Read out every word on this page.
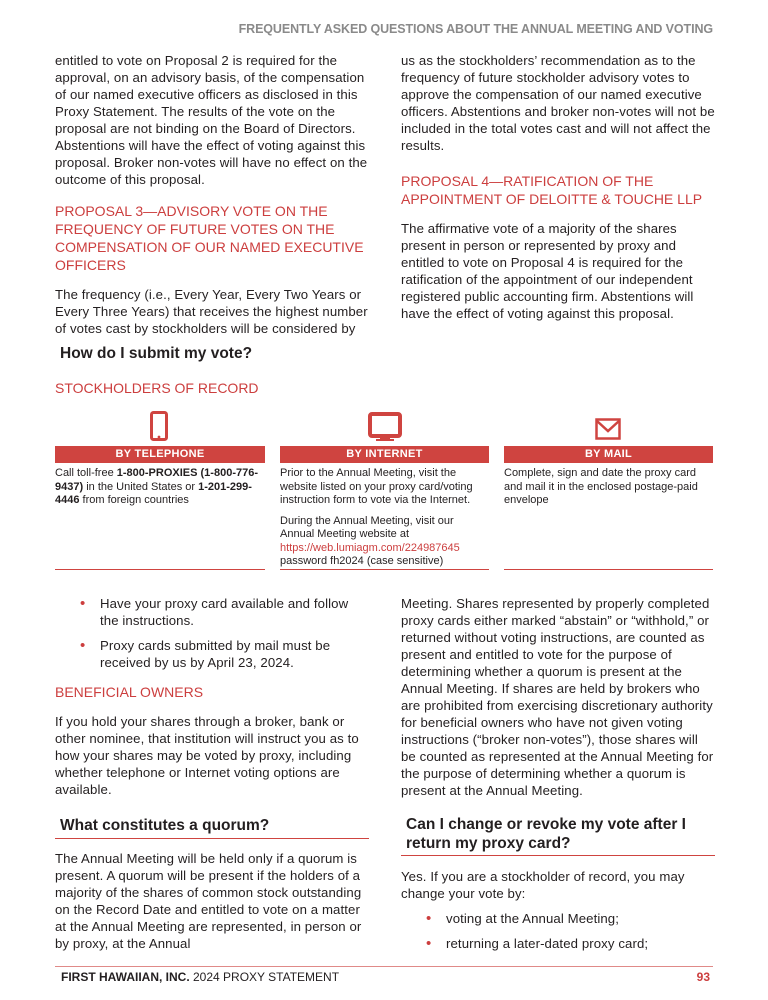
FREQUENTLY ASKED QUESTIONS ABOUT THE ANNUAL MEETING AND VOTING

entitled to vote on Proposal 2 is required for the approval, on an advisory basis, of the compensation of our named executive officers as disclosed in this Proxy Statement. The results of the vote on the proposal are not binding on the Board of Directors. Abstentions will have the effect of voting against this proposal. Broker non-votes will have no effect on the outcome of this proposal.

PROPOSAL 3—ADVISORY VOTE ON THE FREQUENCY OF FUTURE VOTES ON THE COMPENSATION OF OUR NAMED EXECUTIVE OFFICERS

The frequency (i.e., Every Year, Every Two Years or Every Three Years) that receives the highest number of votes cast by stockholders will be considered by

us as the stockholders’ recommendation as to the frequency of future stockholder advisory votes to approve the compensation of our named executive officers. Abstentions and broker non-votes will not be included in the total votes cast and will not affect the results.

PROPOSAL 4—RATIFICATION OF THE APPOINTMENT OF DELOITTE & TOUCHE LLP

The affirmative vote of a majority of the shares present in person or represented by proxy and entitled to vote on Proposal 4 is required for the ratification of the appointment of our independent registered public accounting firm. Abstentions will have the effect of voting against this proposal.

How do I submit my vote?
STOCKHOLDERS OF RECORD
BY TELEPHONE

Call toll-free 1-800-PROXIES (1-800-776-9437) in the United States or 1-201-299-4446 from foreign countries

BY INTERNET

Prior to the Annual Meeting, visit the website listed on your proxy card/voting instruction form to vote via the Internet.

During the Annual Meeting, visit our Annual Meeting website at

https://web.lumiagm.com/224987645

password fh2024 (case sensitive)

BY MAIL

Complete, sign and date the proxy card and mail it in the enclosed postage-paid envelope

• Have your proxy card available and follow the instructions.
• Proxy cards submitted by mail must be received by us by April 23, 2024.

BENEFICIAL OWNERS

If you hold your shares through a broker, bank or other nominee, that institution will instruct you as to how your shares may be voted by proxy, including whether telephone or Internet voting options are available.

Meeting. Shares represented by properly completed proxy cards either marked “abstain” or “withhold,” or returned without voting instructions, are counted as present and entitled to vote for the purpose of determining whether a quorum is present at the Annual Meeting. If shares are held by brokers who are prohibited from exercising discretionary authority for beneficial owners who have not given voting instructions (“broker non-votes”), those shares will be counted as represented at the Annual Meeting for the purpose of determining whether a quorum is present at the Annual Meeting.

What constitutes a quorum?

The Annual Meeting will be held only if a quorum is present. A quorum will be present if the holders of a majority of the shares of common stock outstanding on the Record Date and entitled to vote on a matter at the Annual Meeting are represented, in person or by proxy, at the Annual

Can I change or revoke my vote after I return my proxy card?

Yes. If you are a stockholder of record, you may change your vote by:

• voting at the Annual Meeting;
• returning a later-dated proxy card;
FIRST HAWAIIAN, INC. 2024 PROXY STATEMENT	93
